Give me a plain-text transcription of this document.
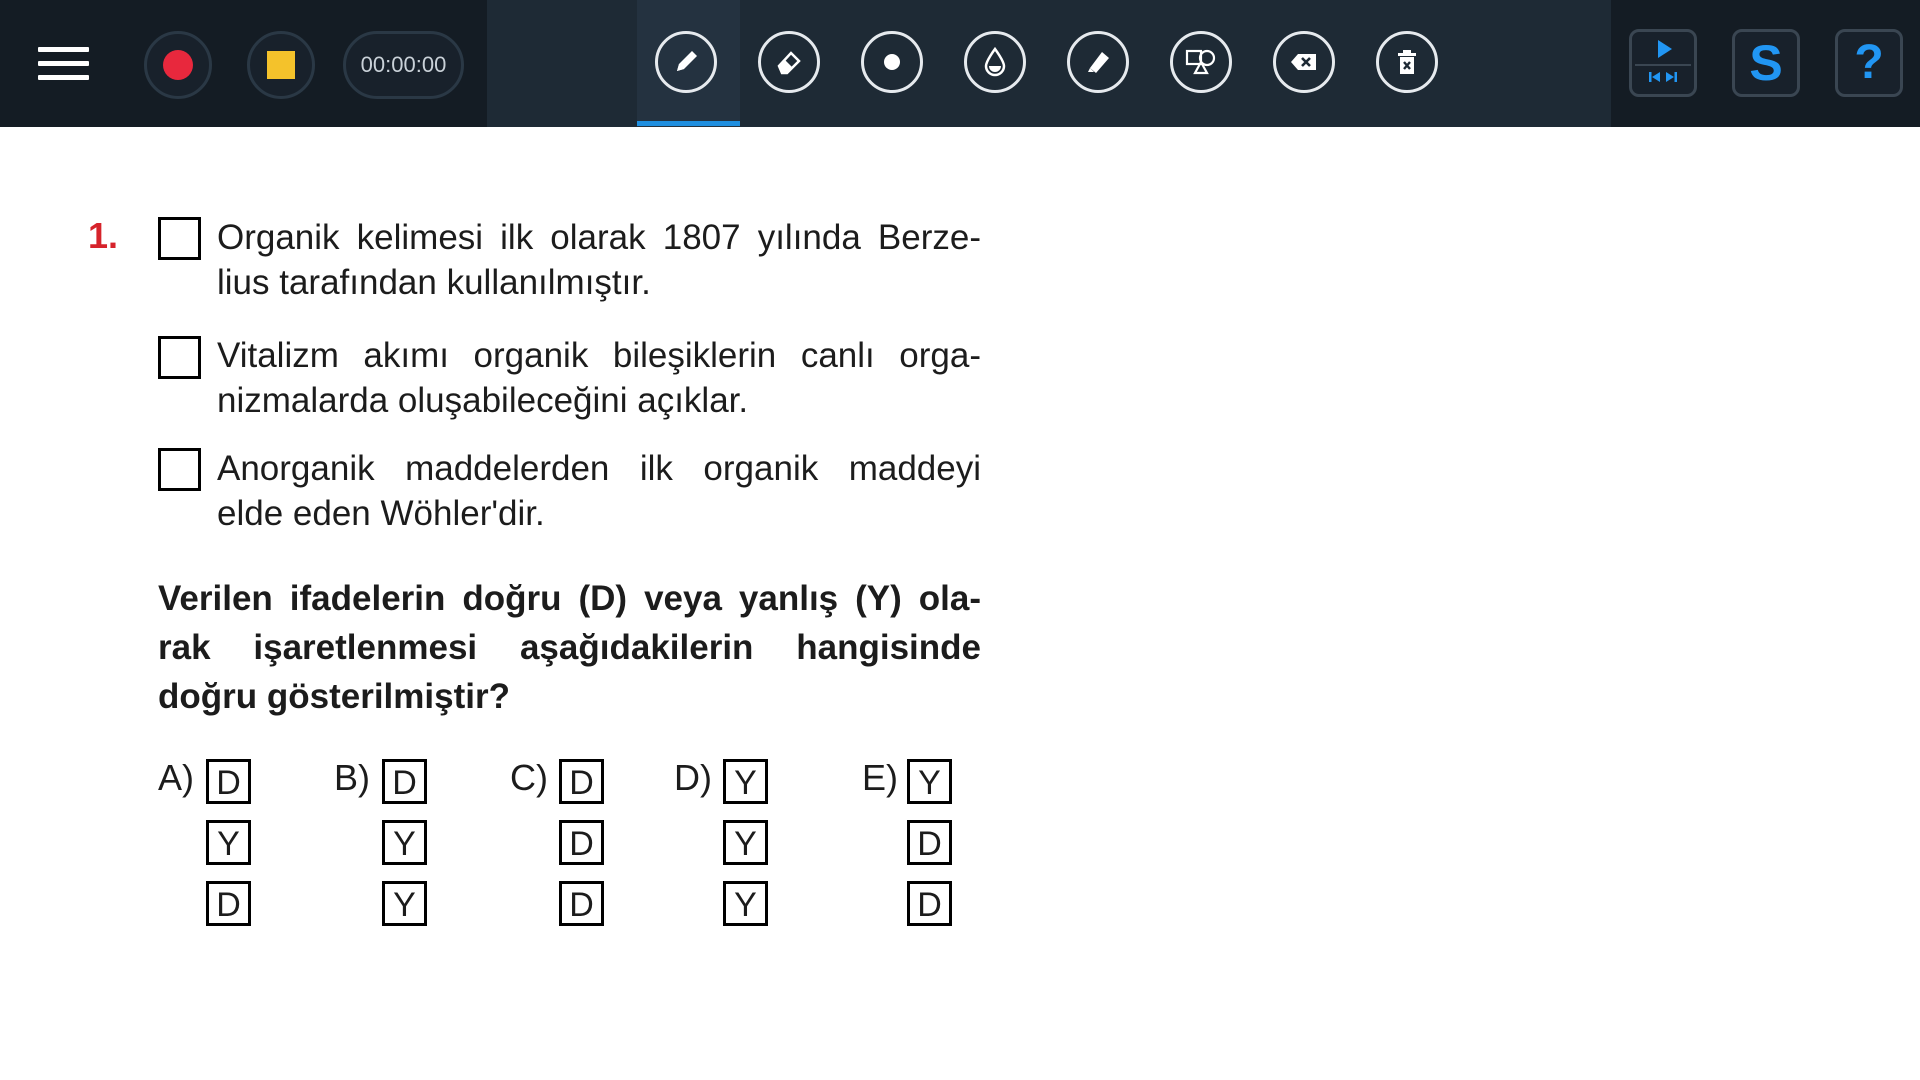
00:00:00	S	?
1.	Organik kelimesi ilk olarak 1807 yılında Berze-
lius tarafından kullanılmıştır.
Vitalizm akımı organik bileşiklerin canlı orga-
nizmalarda oluşabileceğini açıklar.
Anorganik maddelerden ilk organik maddeyi
elde eden Wöhler'dir.
Verilen ifadelerin doğru (D) veya yanlış (Y) ola-
rak işaretlenmesi aşağıdakilerin hangisinde
doğru gösterilmiştir?
A) D
Y
D
B) D
Y
Y
C) D
D
D
D) Y
Y
Y
E) Y
D
D
